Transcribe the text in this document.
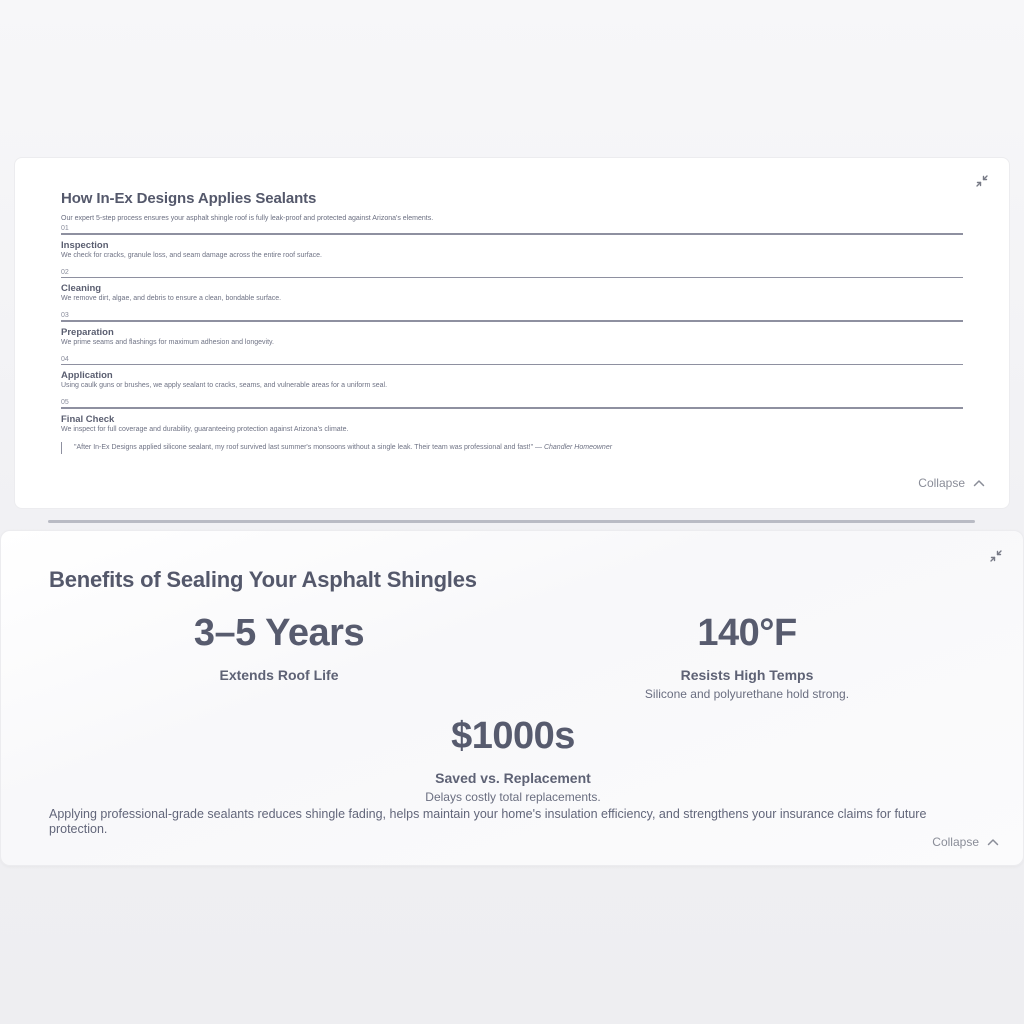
How In-Ex Designs Applies Sealants

Our expert 5-step process ensures your asphalt shingle roof is fully leak-proof and protected against Arizona's elements.

01
Inspection
We check for cracks, granule loss, and seam damage across the entire roof surface.
02
Cleaning
We remove dirt, algae, and debris to ensure a clean, bondable surface.
03
Preparation
We prime seams and flashings for maximum adhesion and longevity.
04
Application
Using caulk guns or brushes, we apply sealant to cracks, seams, and vulnerable areas for a uniform seal.
05
Final Check
We inspect for full coverage and durability, guaranteeing protection against Arizona's climate.
"After In-Ex Designs applied silicone sealant, my roof survived last summer's monsoons without a single leak. Their team was professional and fast!" — Chandler Homeowner
Collapse
Benefits of Sealing Your Asphalt Shingles
3–5 Years
Extends Roof Life
140°F
Resists High Temps
Silicone and polyurethane hold strong.
$1000s
Saved vs. Replacement
Delays costly total replacements.

Applying professional-grade sealants reduces shingle fading, helps maintain your home's insulation efficiency, and strengthens your insurance claims for future protection.

Collapse
